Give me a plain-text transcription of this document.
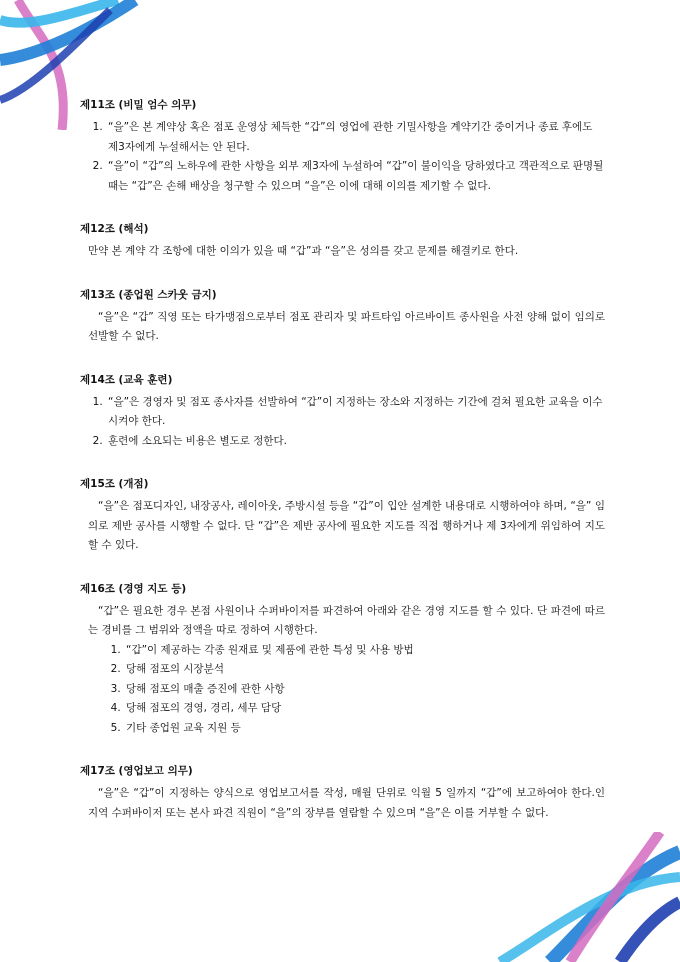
제11조 (비밀 엄수 의무)

1. “을”은 본 계약상 혹은 점포 운영상 체득한 “갑”의 영업에 관한 기밀사항을 계약기간 중이거나 종료 후에도 제3자에게 누설해서는 안 된다.
2. “을”이 “갑”의 노하우에 관한 사항을 외부 제3자에 누설하여 “갑”이 불이익을 당하였다고 객관적으로 판명될 때는 “갑”은 손해 배상을 청구할 수 있으며 “을”은 이에 대해 이의를 제기할 수 없다.

제12조 (해석)

만약 본 계약 각 조항에 대한 이의가 있을 때 “갑”과 “을”은 성의를 갖고 문제를 해결키로 한다.

제13조 (종업원 스카웃 금지)

“을”은 “갑” 직영 또는 타가맹점으로부터 점포 관리자 및 파트타임 아르바이트 종사원을 사전 양해 없이 임의로 선발할 수 없다.

제14조 (교육 훈련)

1. “을”은 경영자 및 점포 종사자를 선발하여 “갑”이 지정하는 장소와 지정하는 기간에 걸쳐 필요한 교육을 이수시켜야 한다.
2. 훈련에 소요되는 비용은 별도로 정한다.

제15조 (개점)

“을”은 점포디자인, 내장공사, 레이아웃, 주방시설 등을 “갑”이 입안 설계한 내용대로 시행하여야 하며, “을” 임의로 제반 공사를 시행할 수 없다. 단 “갑”은 제반 공사에 필요한 지도를 직접 행하거나 제 3자에게 위임하여 지도할 수 있다.

제16조 (경영 지도 등)

“갑”은 필요한 경우 본점 사원이나 수퍼바이저를 파견하여 아래와 같은 경영 지도를 할 수 있다. 단 파견에 따르는 경비를 그 범위와 정액을 따로 정하여 시행한다.

1. “갑”이 제공하는 각종 원재료 및 제품에 관한 특성 및 사용 방법
2. 당해 점포의 시장분석
3. 당해 점포의 매출 증진에 관한 사항
4. 당해 점포의 경영, 경리, 세무 담당
5. 기타 종업원 교육 지원 등

제17조 (영업보고 의무)

“을”은 “갑”이 지정하는 양식으로 영업보고서를 작성, 매월 단위로 익월 5 일까지 “갑”에 보고하여야 한다.인 지역 수퍼바이저 또는 본사 파견 직원이 “을”의 장부를 열람할 수 있으며 “을”은 이를 거부할 수 없다.
